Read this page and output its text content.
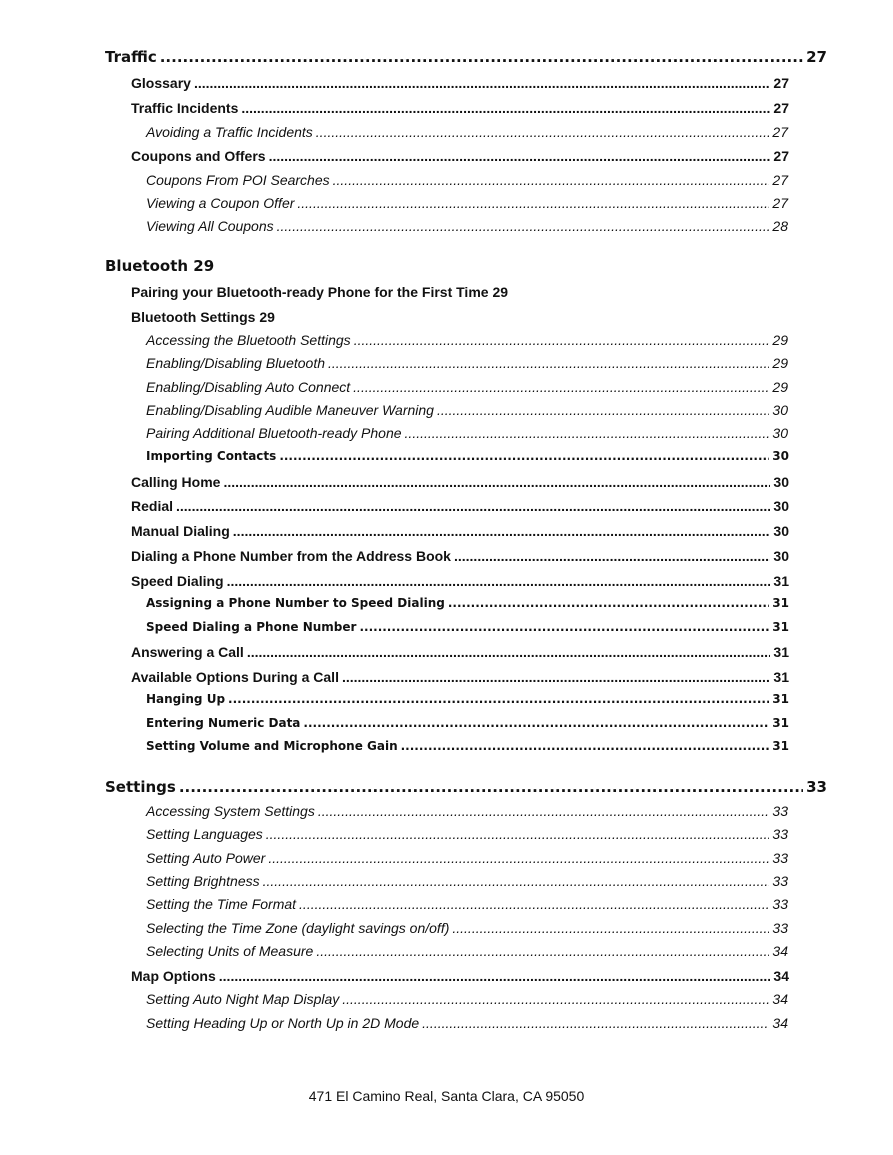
Traffic .....	27
Glossary .....	27
Traffic Incidents .....	27
Avoiding a Traffic Incidents .....	27
Coupons and Offers .....	27
Coupons From POI Searches .....	27
Viewing a Coupon Offer .....	27
Viewing All Coupons .....	28
Bluetooth 29
Pairing your Bluetooth-ready Phone for the First Time 29
Bluetooth Settings 29
Accessing the Bluetooth Settings .....	29
Enabling/Disabling Bluetooth .....	29
Enabling/Disabling Auto Connect .....	29
Enabling/Disabling Audible Maneuver Warning .....	30
Pairing Additional Bluetooth-ready Phone .....	30
Importing Contacts .....	30
Calling Home .....	30
Redial .....	30
Manual Dialing .....	30
Dialing a Phone Number from the Address Book .....	30
Speed Dialing .....	31
Assigning a Phone Number to Speed Dialing .....	31
Speed Dialing a Phone Number .....	31
Answering a Call .....	31
Available Options During a Call .....	31
Hanging Up .....	31
Entering Numeric Data .....	31
Setting Volume and Microphone Gain .....	31
Settings .....	33
Accessing System Settings .....	33
Setting Languages .....	33
Setting Auto Power .....	33
Setting Brightness .....	33
Setting the Time Format .....	33
Selecting the Time Zone (daylight savings on/off) .....	33
Selecting Units of Measure .....	34
Map Options .....	34
Setting Auto Night Map Display .....	34
Setting Heading Up or North Up in 2D Mode .....	34
471 El Camino Real, Santa Clara, CA 95050
